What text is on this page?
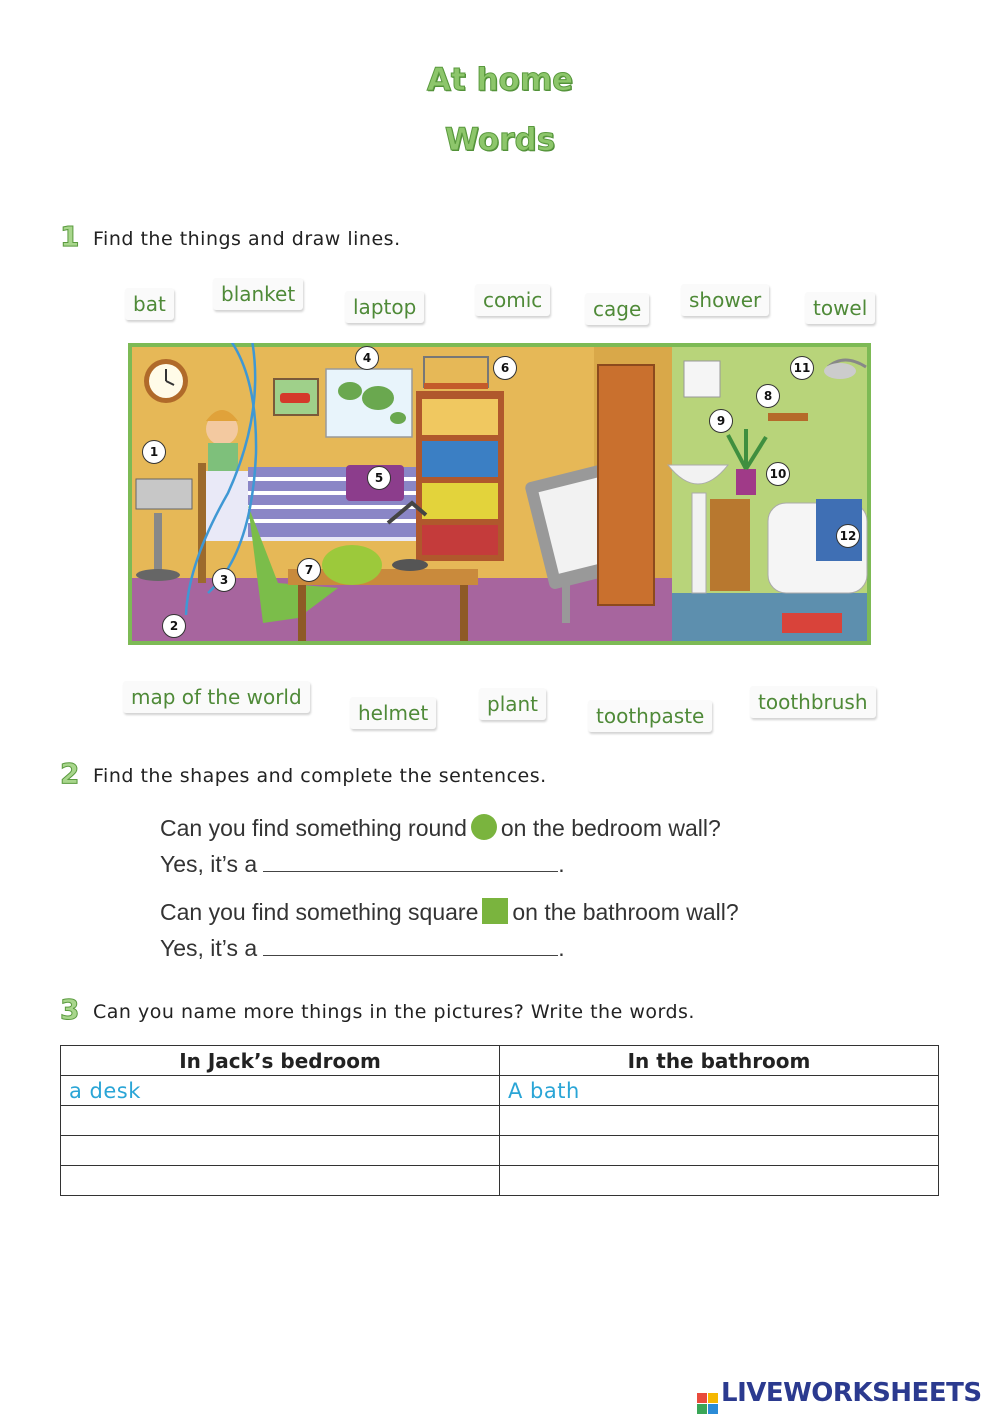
At home
Words
1 Find the things and draw lines.
bat	blanket
laptop	comic	cage	shower	towel
1
2
3
4
5
6
7
8
9
10
11
12
map of the world
helmet	plant	toothpaste
toothbrush
2 Find the shapes and complete the sentences.
Can you find something round on the bedroom wall?
Yes, it’s a	.
Can you find something square on the bathroom wall?
Yes, it’s a	.
3 Can you name more things in the pictures? Write the words.
In Jack’s bedroom	In the bathroom
a desk	A bath

LIVEWORKSHEETS
